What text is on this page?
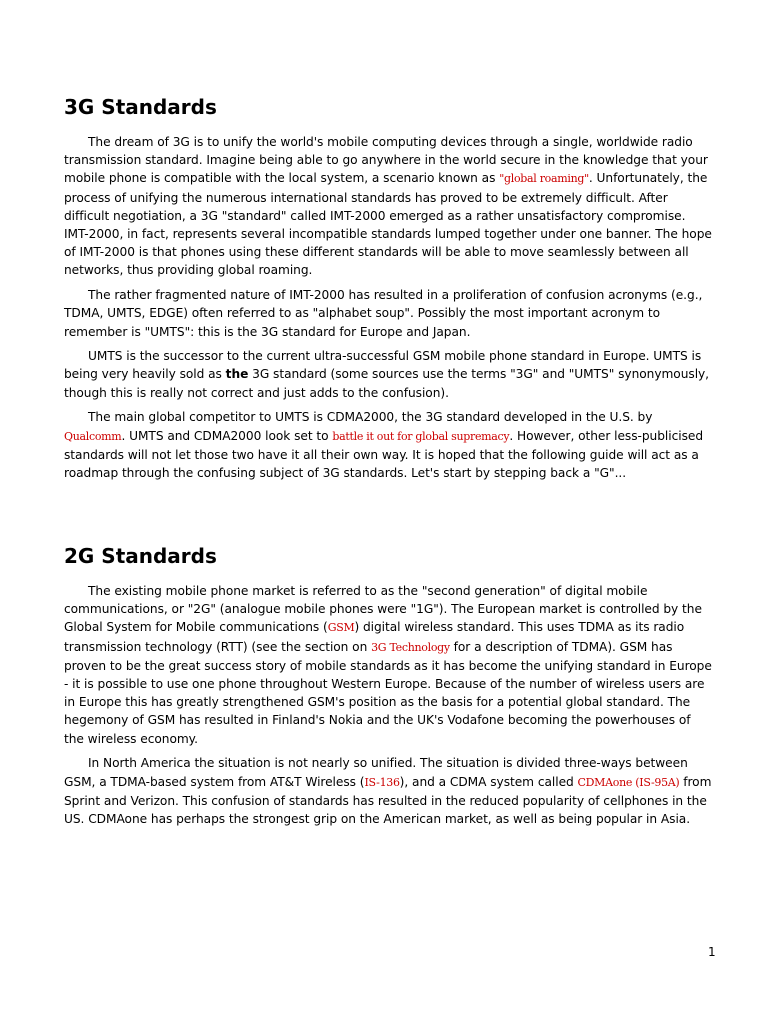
3G Standards

The dream of 3G is to unify the world's mobile computing devices through a single, worldwide radio transmission standard. Imagine being able to go anywhere in the world secure in the knowledge that your mobile phone is compatible with the local system, a scenario known as "global roaming". Unfortunately, the process of unifying the numerous international standards has proved to be extremely difficult. After difficult negotiation, a 3G "standard" called IMT-2000 emerged as a rather unsatisfactory compromise. IMT-2000, in fact, represents several incompatible standards lumped together under one banner. The hope of IMT-2000 is that phones using these different standards will be able to move seamlessly between all networks, thus providing global roaming.

The rather fragmented nature of IMT-2000 has resulted in a proliferation of confusion acronyms (e.g., TDMA, UMTS, EDGE) often referred to as "alphabet soup". Possibly the most important acronym to remember is "UMTS": this is the 3G standard for Europe and Japan.

UMTS is the successor to the current ultra-successful GSM mobile phone standard in Europe. UMTS is being very heavily sold as the 3G standard (some sources use the terms "3G" and "UMTS" synonymously, though this is really not correct and just adds to the confusion).

The main global competitor to UMTS is CDMA2000, the 3G standard developed in the U.S. by Qualcomm. UMTS and CDMA2000 look set to battle it out for global supremacy. However, other less-publicised standards will not let those two have it all their own way. It is hoped that the following guide will act as a roadmap through the confusing subject of 3G standards. Let's start by stepping back a "G"...

2G Standards

The existing mobile phone market is referred to as the "second generation" of digital mobile communications, or "2G" (analogue mobile phones were "1G"). The European market is controlled by the Global System for Mobile communications (GSM) digital wireless standard. This uses TDMA as its radio transmission technology (RTT) (see the section on 3G Technology for a description of TDMA). GSM has proven to be the great success story of mobile standards as it has become the unifying standard in Europe - it is possible to use one phone throughout Western Europe. Because of the number of wireless users are in Europe this has greatly strengthened GSM's position as the basis for a potential global standard. The hegemony of GSM has resulted in Finland's Nokia and the UK's Vodafone becoming the powerhouses of the wireless economy.

In North America the situation is not nearly so unified. The situation is divided three-ways between GSM, a TDMA-based system from AT&T Wireless (IS-136), and a CDMA system called CDMAone (IS-95A) from Sprint and Verizon. This confusion of standards has resulted in the reduced popularity of cellphones in the US. CDMAone has perhaps the strongest grip on the American market, as well as being popular in Asia.

1
